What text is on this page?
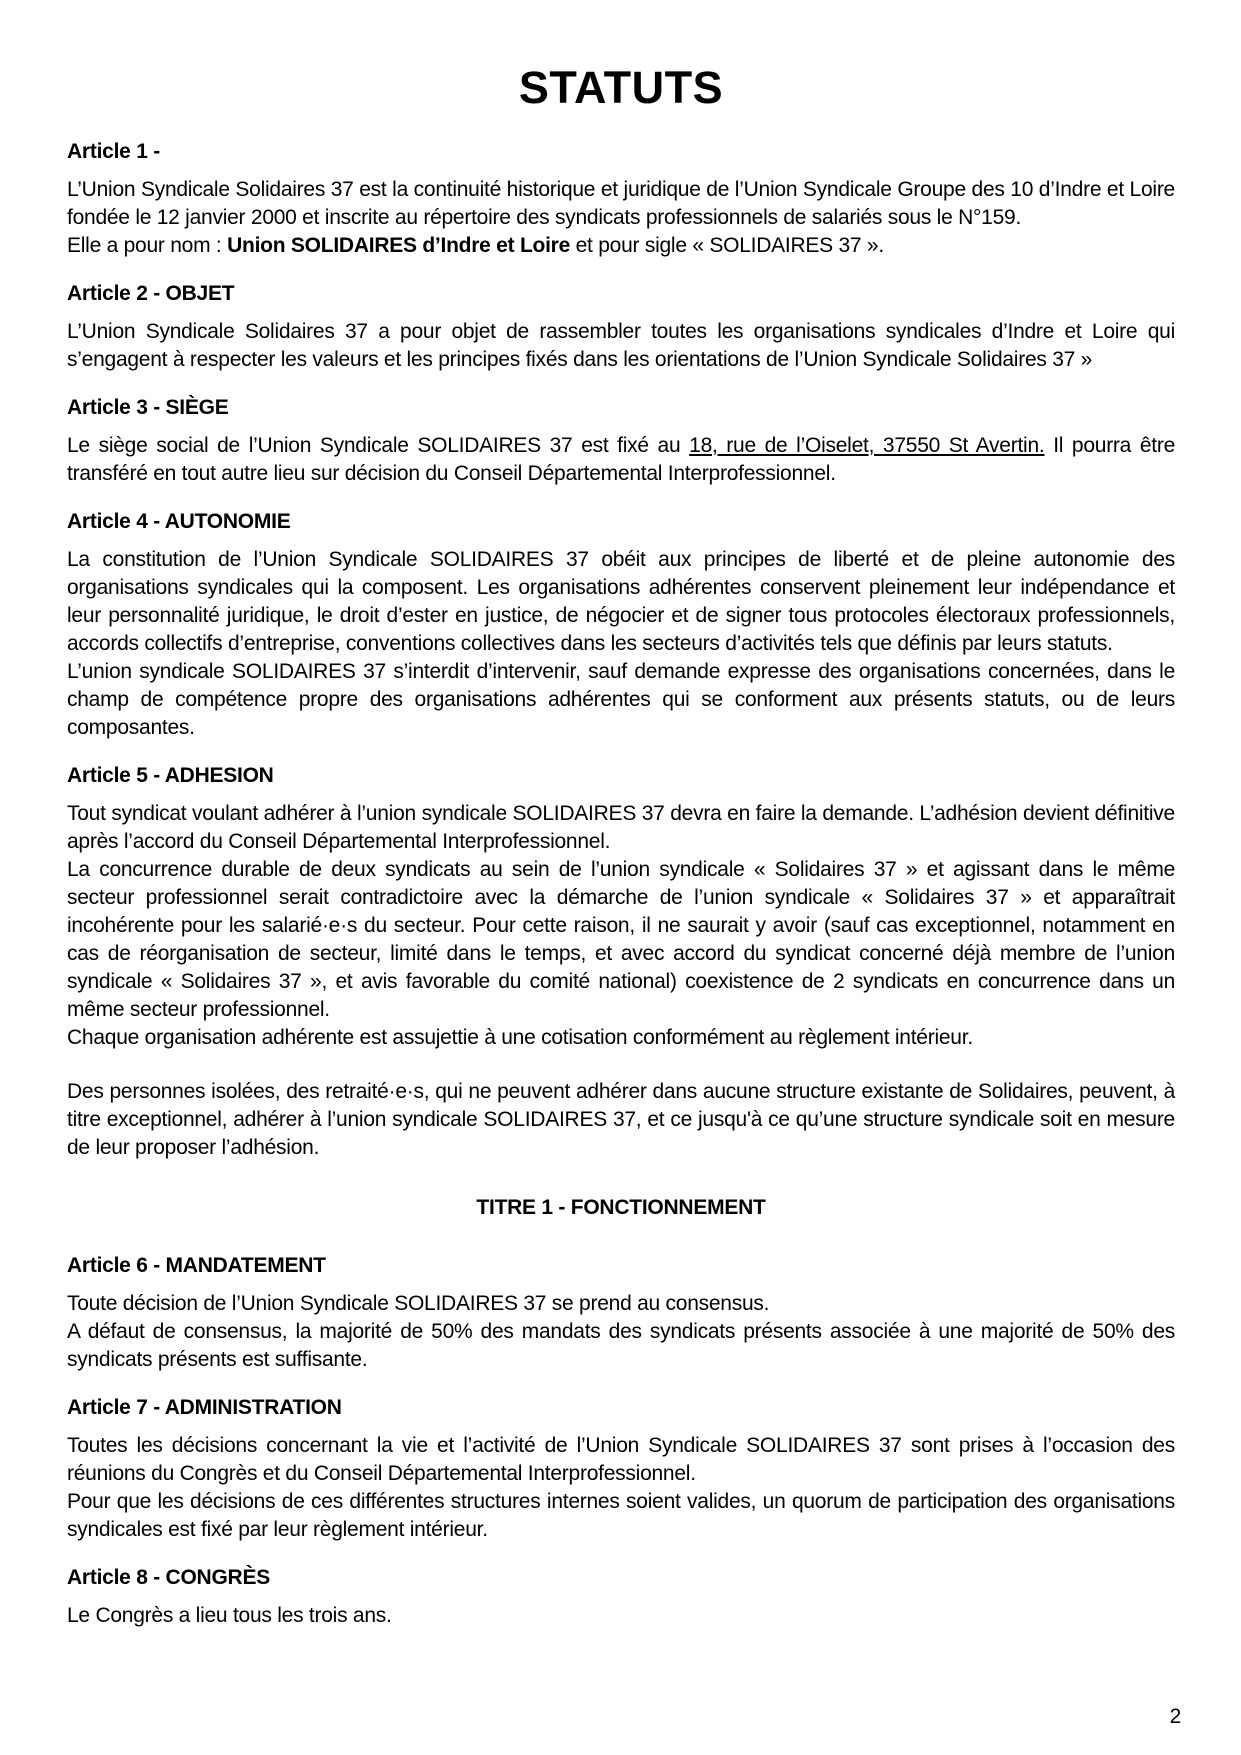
STATUTS
Article 1 -

L’Union Syndicale Solidaires 37 est la continuité historique et juridique de l’Union Syndicale Groupe des 10 d’Indre et Loire fondée le 12 janvier 2000 et inscrite au répertoire des syndicats professionnels de salariés sous le N°159.

Elle a pour nom : Union SOLIDAIRES d’Indre et Loire et pour sigle « SOLIDAIRES 37 ».

Article 2 - OBJET

L’Union Syndicale Solidaires 37 a pour objet de rassembler toutes les organisations syndicales d’Indre et Loire qui s’engagent à respecter les valeurs et les principes fixés dans les orientations de l’Union Syndicale Solidaires 37 »

Article 3 - SIÈGE

Le siège social de l’Union Syndicale SOLIDAIRES 37 est fixé au 18, rue de l’Oiselet, 37550 St Avertin. Il pourra être transféré en tout autre lieu sur décision du Conseil Départemental Interprofessionnel.

Article 4 - AUTONOMIE

La constitution de l’Union Syndicale SOLIDAIRES 37 obéit aux principes de liberté et de pleine autonomie des organisations syndicales qui la composent. Les organisations adhérentes conservent pleinement leur indépendance et leur personnalité juridique, le droit d’ester en justice, de négocier et de signer tous protocoles électoraux professionnels, accords collectifs d’entreprise, conventions collectives dans les secteurs d’activités tels que définis par leurs statuts.

L’union syndicale SOLIDAIRES 37 s’interdit d’intervenir, sauf demande expresse des organisations concernées, dans le champ de compétence propre des organisations adhérentes qui se conforment aux présents statuts, ou de leurs composantes.

Article 5 - ADHESION

Tout syndicat voulant adhérer à l’union syndicale SOLIDAIRES 37 devra en faire la demande. L’adhésion devient définitive après l’accord du Conseil Départemental Interprofessionnel.

La concurrence durable de deux syndicats au sein de l’union syndicale « Solidaires 37 » et agissant dans le même secteur professionnel serait contradictoire avec la démarche de l’union syndicale « Solidaires 37 » et apparaîtrait incohérente pour les salarié·e·s du secteur. Pour cette raison, il ne saurait y avoir (sauf cas exceptionnel, notamment en cas de réorganisation de secteur, limité dans le temps, et avec accord du syndicat concerné déjà membre de l’union syndicale « Solidaires 37 », et avis favorable du comité national) coexistence de 2 syndicats en concurrence dans un même secteur professionnel.

Chaque organisation adhérente est assujettie à une cotisation conformément au règlement intérieur.

Des personnes isolées, des retraité·e·s, qui ne peuvent adhérer dans aucune structure existante de Solidaires, peuvent, à titre exceptionnel, adhérer à l’union syndicale SOLIDAIRES 37, et ce jusqu'à ce qu’une structure syndicale soit en mesure de leur proposer l’adhésion.

TITRE 1 - FONCTIONNEMENT
Article 6 - MANDATEMENT

Toute décision de l’Union Syndicale SOLIDAIRES 37 se prend au consensus.

A défaut de consensus, la majorité de 50% des mandats des syndicats présents associée à une majorité de 50% des syndicats présents est suffisante.

Article 7 - ADMINISTRATION

Toutes les décisions concernant la vie et l’activité de l’Union Syndicale SOLIDAIRES 37 sont prises à l’occasion des réunions du Congrès et du Conseil Départemental Interprofessionnel.

Pour que les décisions de ces différentes structures internes soient valides, un quorum de participation des organisations syndicales est fixé par leur règlement intérieur.

Article 8 - CONGRÈS

Le Congrès a lieu tous les trois ans.

2
